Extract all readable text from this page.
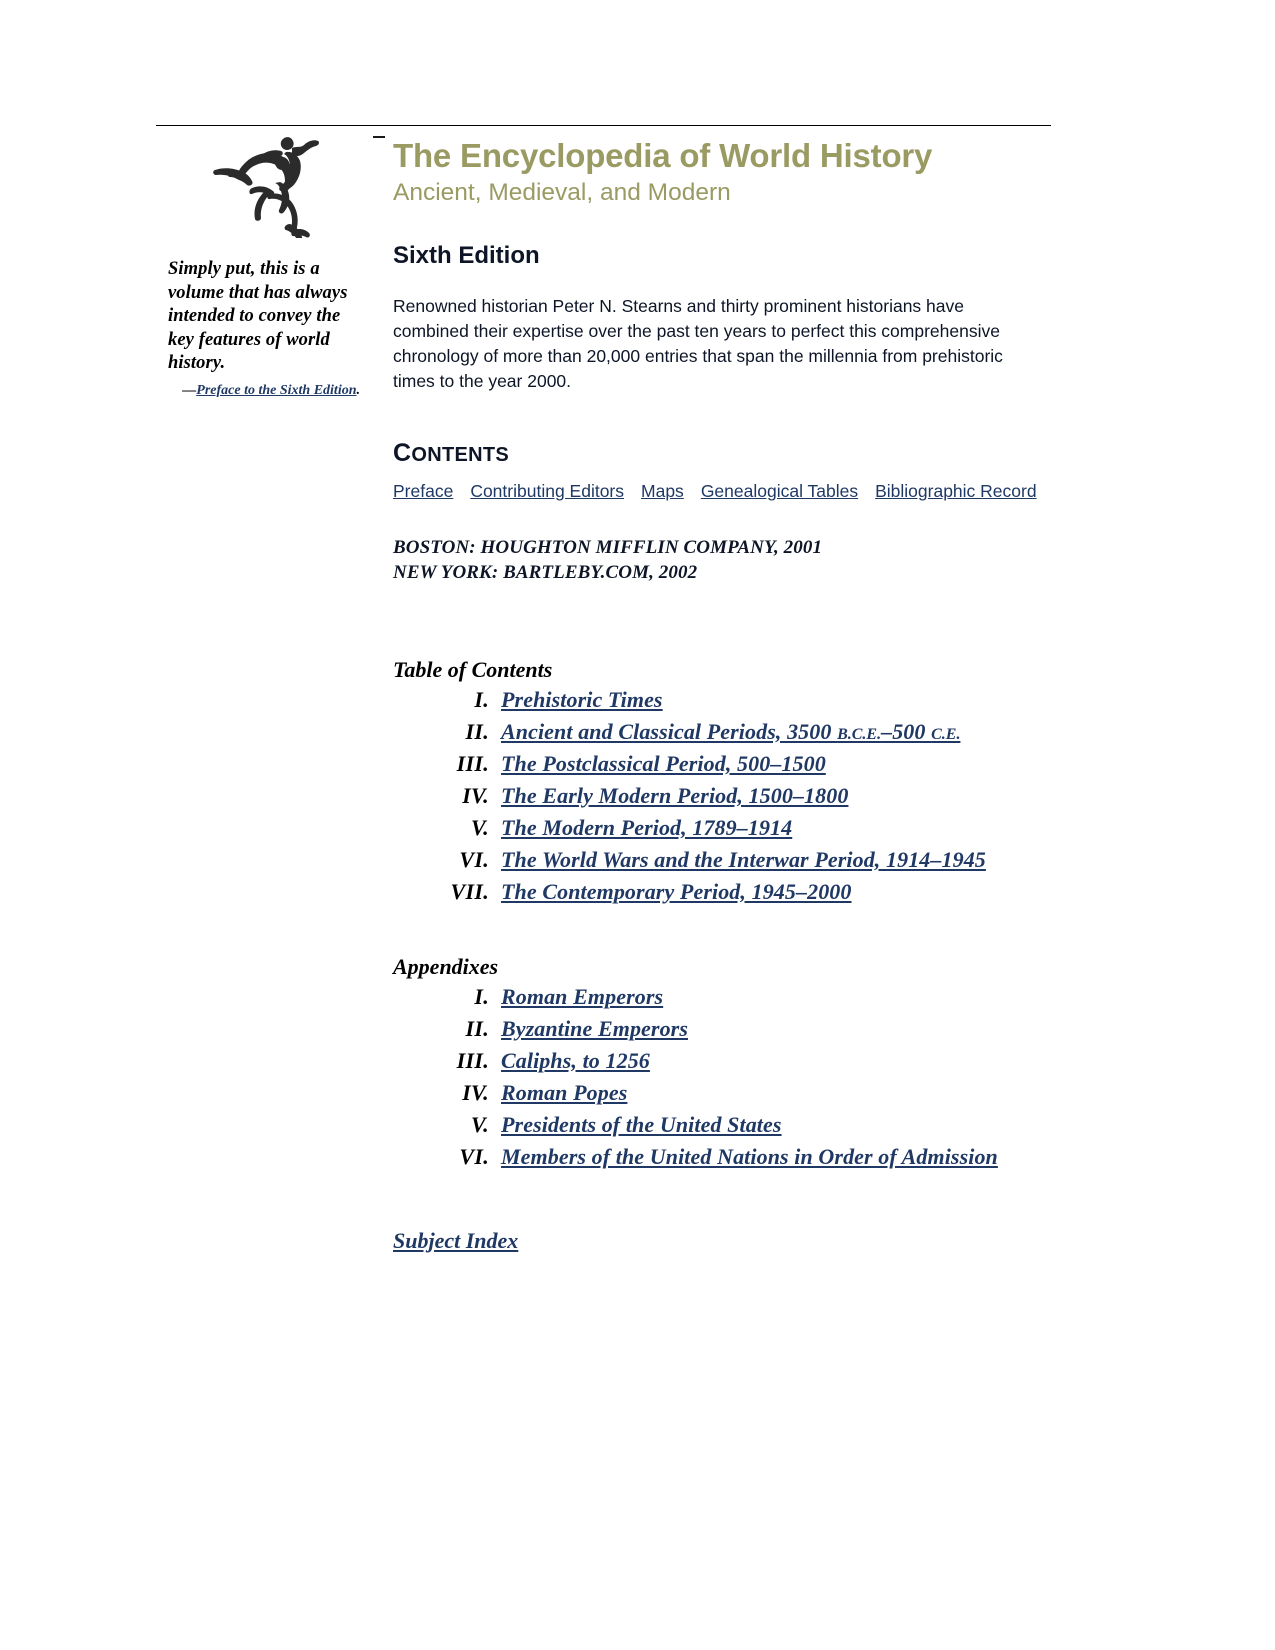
Simply put, this is a volume that has always intended to convey the key features of world history.
—Preface to the Sixth Edition.
The Encyclopedia of World History
Ancient, Medieval, and Modern
Sixth Edition

Renowned historian Peter N. Stearns and thirty prominent historians have combined their expertise over the past ten years to perfect this comprehensive chronology of more than 20,000 entries that span the millennia from prehistoric times to the year 2000.

CONTENTS
Preface Contributing Editors Maps Genealogical Tables Bibliographic Record
BOSTON: HOUGHTON MIFFLIN COMPANY, 2001
NEW YORK: BARTLEBY.COM, 2002
Table of Contents
I. Prehistoric Times
II. Ancient and Classical Periods, 3500 B.C.E.–500 C.E.
III. The Postclassical Period, 500–1500
IV. The Early Modern Period, 1500–1800
V. The Modern Period, 1789–1914
VI. The World Wars and the Interwar Period, 1914–1945
VII. The Contemporary Period, 1945–2000
Appendixes
I. Roman Emperors
II. Byzantine Emperors
III. Caliphs, to 1256
IV. Roman Popes
V. Presidents of the United States
VI. Members of the United Nations in Order of Admission
Subject Index
